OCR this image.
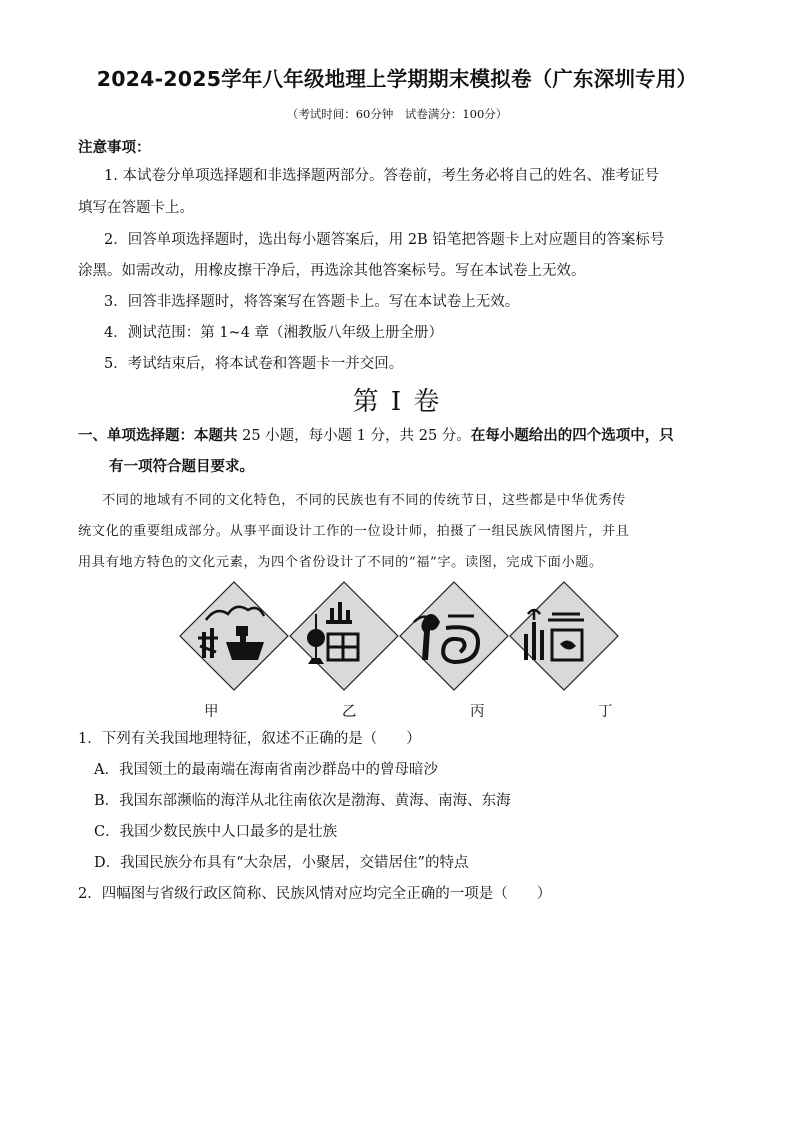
2024-2025学年八年级地理上学期期末模拟卷（广东深圳专用）
（考试时间：60分钟　试卷满分：100分）
注意事项：
1. 本试卷分单项选择题和非选择题两部分。答卷前，考生务必将自己的姓名、准考证号
填写在答题卡上。
2．回答单项选择题时，选出每小题答案后，用 2B 铅笔把答题卡上对应题目的答案标号
涂黑。如需改动，用橡皮擦干净后，再选涂其他答案标号。写在本试卷上无效。
3．回答非选择题时，将答案写在答题卡上。写在本试卷上无效。
4．测试范围：第 1~4 章（湘教版八年级上册全册）
5．考试结束后，将本试卷和答题卡一并交回。
第 I 卷
一、单项选择题：本题共 25 小题，每小题 1 分，共 25 分。在每小题给出的四个选项中，只
有一项符合题目要求。
不同的地域有不同的文化特色，不同的民族也有不同的传统节日，这些都是中华优秀传
统文化的重要组成部分。从事平面设计工作的一位设计师，拍摄了一组民族风情图片，并且
用具有地方特色的文化元素，为四个省份设计了不同的“福”字。读图，完成下面小题。
甲	乙	丙	丁
1．下列有关我国地理特征，叙述不正确的是（　　）
A．我国领土的最南端在海南省南沙群岛中的曾母暗沙
B．我国东部濒临的海洋从北往南依次是渤海、黄海、南海、东海
C．我国少数民族中人口最多的是壮族
D．我国民族分布具有“大杂居，小聚居，交错居住”的特点
2．四幅图与省级行政区简称、民族风情对应均完全正确的一项是（　　）
